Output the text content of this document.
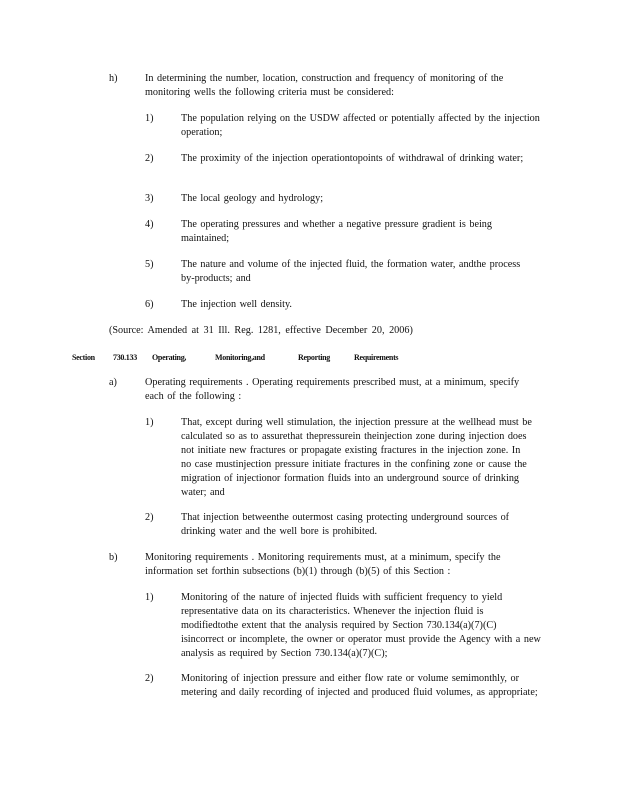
h)	In determining the number, location, construction and frequency of monitoring of the monitoring wells the following criteria must be considered:
1)	The population relying on the USDW affected or potentially affected by the injection operation;
2)	The proximity of the injection operationtopoints of withdrawal of drinking water;
3)	The local geology and hydrology;
4)	The operating pressures and whether a negative pressure gradient is being maintained;
5)	The nature and volume of the injected fluid, the formation water, andthe process by-products; and
6)	The injection well density.
(Source: Amended at 31 Ill. Reg. 1281, effective December 20, 2006)
Section 730.133 Operating,	Monitoring,and	Reporting	Requirements
a)	Operating requirements . Operating requirements prescribed must, at a minimum, specify each of the following :
1)	That, except during well stimulation, the injection pressure at the wellhead must be calculated so as to assurethat thepressurein theinjection zone during injection does not initiate new fractures or propagate existing fractures in the injection zone. In no case mustinjection pressure initiate fractures in the confining zone or cause the migration of injectionor formation fluids into an underground source of drinking water; and
2)	That injection betweenthe outermost casing protecting underground sources of drinking water and the well bore is prohibited.
b)	Monitoring requirements . Monitoring requirements must, at a minimum, specify the information set forthin subsections (b)(1) through (b)(5) of this Section :
1)	Monitoring of the nature of injected fluids with sufficient frequency to yield representative data on its characteristics. Whenever the injection fluid is modifiedtothe extent that the analysis required by Section 730.134(a)(7)(C) isincorrect or incomplete, the owner or operator must provide the Agency with a new analysis as required by Section 730.134(a)(7)(C);
2)	Monitoring of injection pressure and either flow rate or volume semimonthly, or metering and daily recording of injected and produced fluid volumes, as appropriate;
